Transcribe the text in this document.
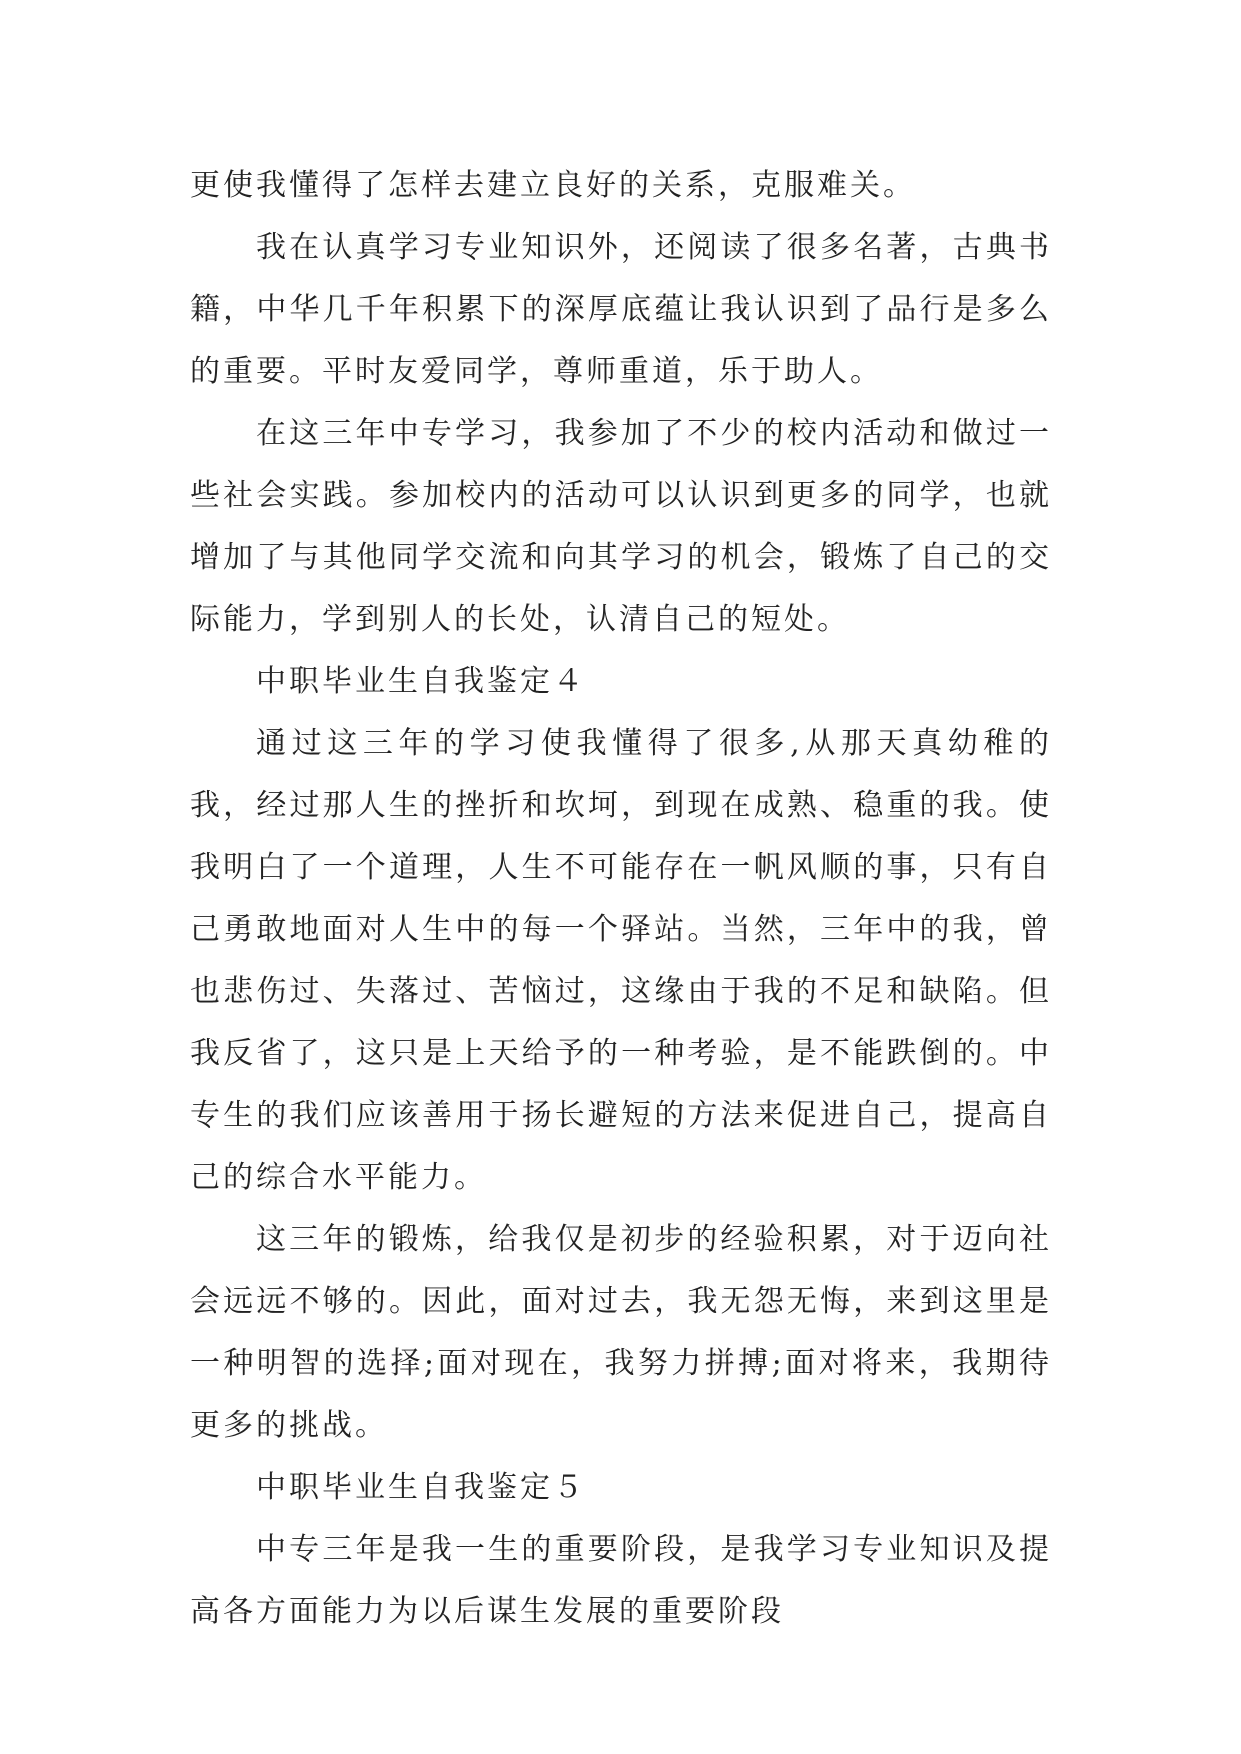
更使我懂得了怎样去建立良好的关系，克服难关。

我在认真学习专业知识外，还阅读了很多名著，古典书籍，中华几千年积累下的深厚底蕴让我认识到了品行是多么的重要。平时友爱同学，尊师重道，乐于助人。

在这三年中专学习，我参加了不少的校内活动和做过一些社会实践。参加校内的活动可以认识到更多的同学，也就增加了与其他同学交流和向其学习的机会，锻炼了自己的交际能力，学到别人的长处，认清自己的短处。

中职毕业生自我鉴定４

通过这三年的学习使我懂得了很多,从那天真幼稚的我，经过那人生的挫折和坎坷，到现在成熟、稳重的我。使我明白了一个道理，人生不可能存在一帆风顺的事，只有自己勇敢地面对人生中的每一个驿站。当然，三年中的我，曾也悲伤过、失落过、苦恼过，这缘由于我的不足和缺陷。但我反省了，这只是上天给予的一种考验，是不能跌倒的。中专生的我们应该善用于扬长避短的方法来促进自己，提高自己的综合水平能力。

这三年的锻炼，给我仅是初步的经验积累，对于迈向社会远远不够的。因此，面对过去，我无怨无悔，来到这里是一种明智的选择;面对现在，我努力拼搏;面对将来，我期待更多的挑战。

中职毕业生自我鉴定５

中专三年是我一生的重要阶段，是我学习专业知识及提高各方面能力为以后谋生发展的重要阶段
